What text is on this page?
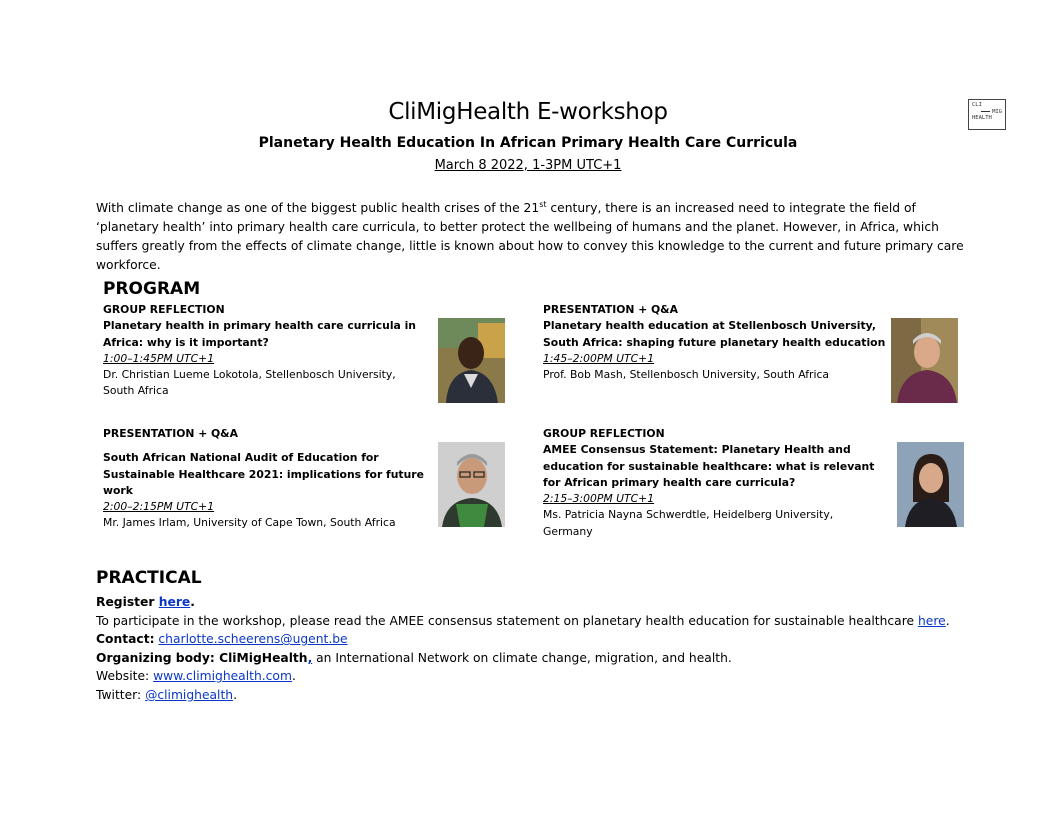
CliMigHealth E-workshop
Planetary Health Education In African Primary Health Care Curricula
March 8 2022, 1-3PM UTC+1
CLI
MIG
HEALTH
With climate change as one of the biggest public health crises of the 21st century, there is an increased need to integrate the field of ‘planetary health’ into primary health care curricula, to better protect the wellbeing of humans and the planet. However, in Africa, which suffers greatly from the effects of climate change, little is known about how to convey this knowledge to the current and future primary care workforce.
PROGRAM
GROUP REFLECTION
Planetary health in primary health care curricula in Africa: why is it important?
1:00–1:45PM UTC+1
Dr. Christian Lueme Lokotola, Stellenbosch University, South Africa
PRESENTATION + Q&A
Planetary health education at Stellenbosch University, South Africa: shaping future planetary health education
1:45–2:00PM UTC+1
Prof. Bob Mash, Stellenbosch University, South Africa
PRESENTATION + Q&A
South African National Audit of Education for Sustainable Healthcare 2021: implications for future work
2:00–2:15PM UTC+1
Mr. James Irlam, University of Cape Town, South Africa
GROUP REFLECTION
AMEE Consensus Statement: Planetary Health and education for sustainable healthcare: what is relevant for African primary health care curricula?
2:15–3:00PM UTC+1
Ms. Patricia Nayna Schwerdtle, Heidelberg University, Germany
PRACTICAL
Register here.
To participate in the workshop, please read the AMEE consensus statement on planetary health education for sustainable healthcare here.
Contact: charlotte.scheerens@ugent.be
Organizing body: CliMigHealth, an International Network on climate change, migration, and health.
Website: www.climighealth.com.
Twitter: @climighealth.
